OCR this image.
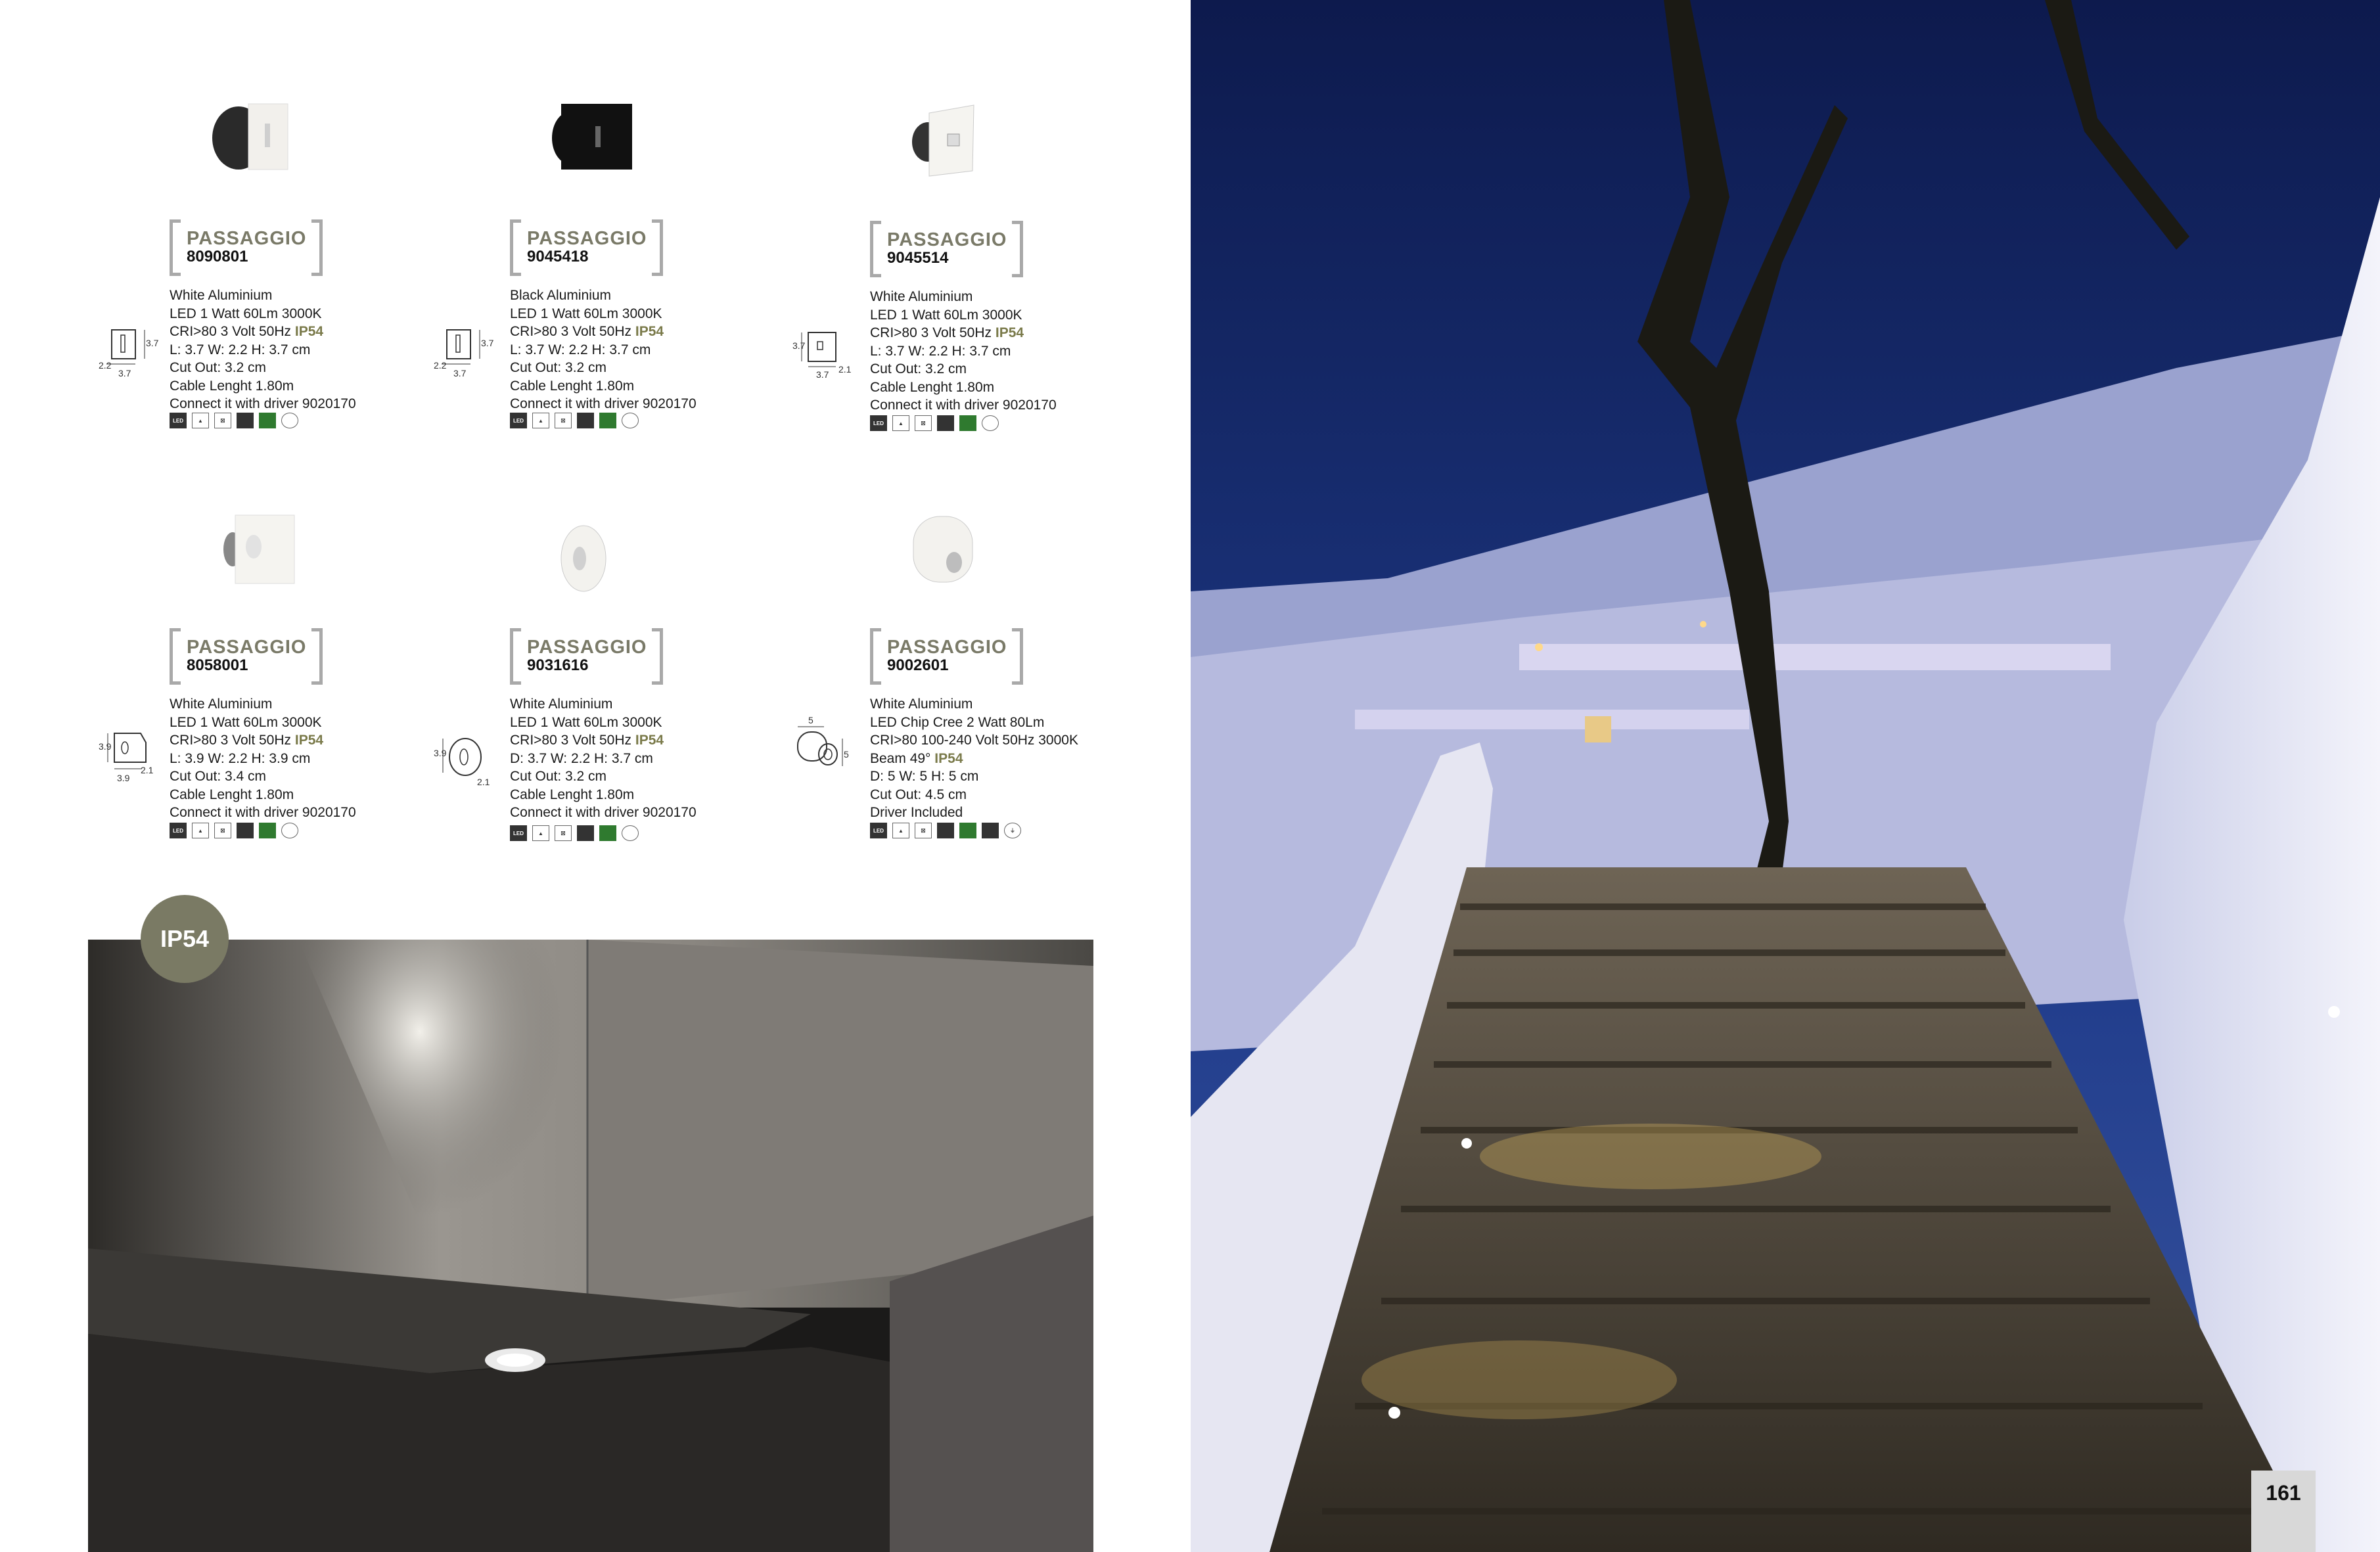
PASSAGGIO
8090801
White Aluminium
LED 1 Watt 60Lm 3000K
CRI>80 3 Volt 50Hz IP54
L: 3.7 W: 2.2 H: 3.7 cm
Cut Out: 3.2 cm
Cable Lenght 1.80m
Connect it with driver 9020170
LED	▲	☒
2.2
3.7
3.7
PASSAGGIO
9045418
Black Aluminium
LED 1 Watt 60Lm 3000K
CRI>80 3 Volt 50Hz IP54
L: 3.7 W: 2.2 H: 3.7 cm
Cut Out: 3.2 cm
Cable Lenght 1.80m
Connect it with driver 9020170
LED	▲	☒
2.2
3.7
3.7
PASSAGGIO
9045514
White Aluminium
LED 1 Watt 60Lm 3000K
CRI>80 3 Volt 50Hz IP54
L: 3.7 W: 2.2 H: 3.7 cm
Cut Out: 3.2 cm
Cable Lenght 1.80m
Connect it with driver 9020170
LED	▲	☒
3.7
3.7 2.1
PASSAGGIO
8058001
White Aluminium
LED 1 Watt 60Lm 3000K
CRI>80 3 Volt 50Hz IP54
L: 3.9 W: 2.2 H: 3.9 cm
Cut Out: 3.4 cm
Cable Lenght 1.80m
Connect it with driver 9020170
LED	▲	☒
3.9
3.9
2.1
PASSAGGIO
9031616
White Aluminium
LED 1 Watt 60Lm 3000K
CRI>80 3 Volt 50Hz IP54
D: 3.7 W: 2.2 H: 3.7 cm
Cut Out: 3.2 cm
Cable Lenght 1.80m
Connect it with driver 9020170
LED	▲	☒
3.9
2.1
PASSAGGIO
9002601
White Aluminium
LED Chip Cree 2 Watt 80Lm
CRI>80 100-240 Volt 50Hz 3000K
Beam 49° IP54
D: 5 W: 5 H: 5 cm
Cut Out: 4.5 cm
Driver Included
LED	▲	☒	⏚
5
5
IP54
161
